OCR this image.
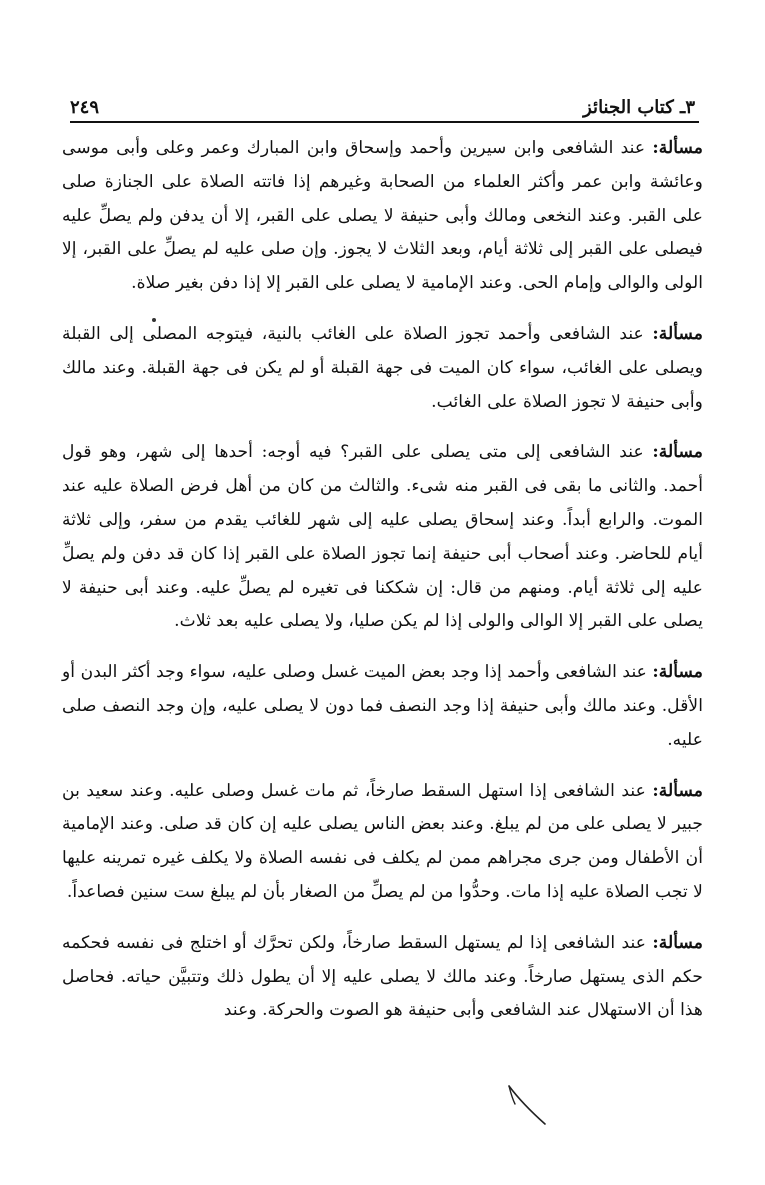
٣ـ كتاب الجنائز
٢٤٩

مسألة: عند الشافعى وابن سيرين وأحمد وإسحاق وابن المبارك وعمر وعلى وأبى موسى وعائشة وابن عمر وأكثر العلماء من الصحابة وغيرهم إذا فاتته الصلاة على الجنازة صلى على القبر. وعند النخعى ومالك وأبى حنيفة لا يصلى على القبر، إلا أن يدفن ولم يصلِّ عليه فيصلى على القبر إلى ثلاثة أيام، وبعد الثلاث لا يجوز. وإن صلى عليه لم يصلِّ على القبر، إلا الولى والوالى وإمام الحى. وعند الإمامية لا يصلى على القبر إلا إذا دفن بغير صلاة.

مسألة: عند الشافعى وأحمد تجوز الصلاة على الغائب بالنية، فيتوجه المصلى إلى القبلة ويصلى على الغائب، سواء كان الميت فى جهة القبلة أو لم يكن فى جهة القبلة. وعند مالك وأبى حنيفة لا تجوز الصلاة على الغائب.

مسألة: عند الشافعى إلى متى يصلى على القبر؟ فيه أوجه: أحدها إلى شهر، وهو قول أحمد. والثانى ما بقى فى القبر منه شىء. والثالث من كان من أهل فرض الصلاة عليه عند الموت. والرابع أبداً. وعند إسحاق يصلى عليه إلى شهر للغائب يقدم من سفر، وإلى ثلاثة أيام للحاضر. وعند أصحاب أبى حنيفة إنما تجوز الصلاة على القبر إذا كان قد دفن ولم يصلِّ عليه إلى ثلاثة أيام. ومنهم من قال: إن شككنا فى تغيره لم يصلِّ عليه. وعند أبى حنيفة لا يصلى على القبر إلا الوالى والولى إذا لم يكن صليا، ولا يصلى عليه بعد ثلاث.

مسألة: عند الشافعى وأحمد إذا وجد بعض الميت غسل وصلى عليه، سواء وجد أكثر البدن أو الأقل. وعند مالك وأبى حنيفة إذا وجد النصف فما دون لا يصلى عليه، وإن وجد النصف صلى عليه.

مسألة: عند الشافعى إذا استهل السقط صارخاً، ثم مات غسل وصلى عليه. وعند سعيد بن جبير لا يصلى على من لم يبلغ. وعند بعض الناس يصلى عليه إن كان قد صلى. وعند الإمامية أن الأطفال ومن جرى مجراهم ممن لم يكلف فى نفسه الصلاة ولا يكلف غيره تمرينه عليها لا تجب الصلاة عليه إذا مات. وحدُّوا من لم يصلِّ من الصغار بأن لم يبلغ ست سنين فصاعداً.

مسألة: عند الشافعى إذا لم يستهل السقط صارخاً، ولكن تحرَّك أو اختلج فى نفسه فحكمه حكم الذى يستهل صارخاً. وعند مالك لا يصلى عليه إلا أن يطول ذلك وتتبيَّن حياته. فحاصل هذا أن الاستهلال عند الشافعى وأبى حنيفة هو الصوت والحركة. وعند
